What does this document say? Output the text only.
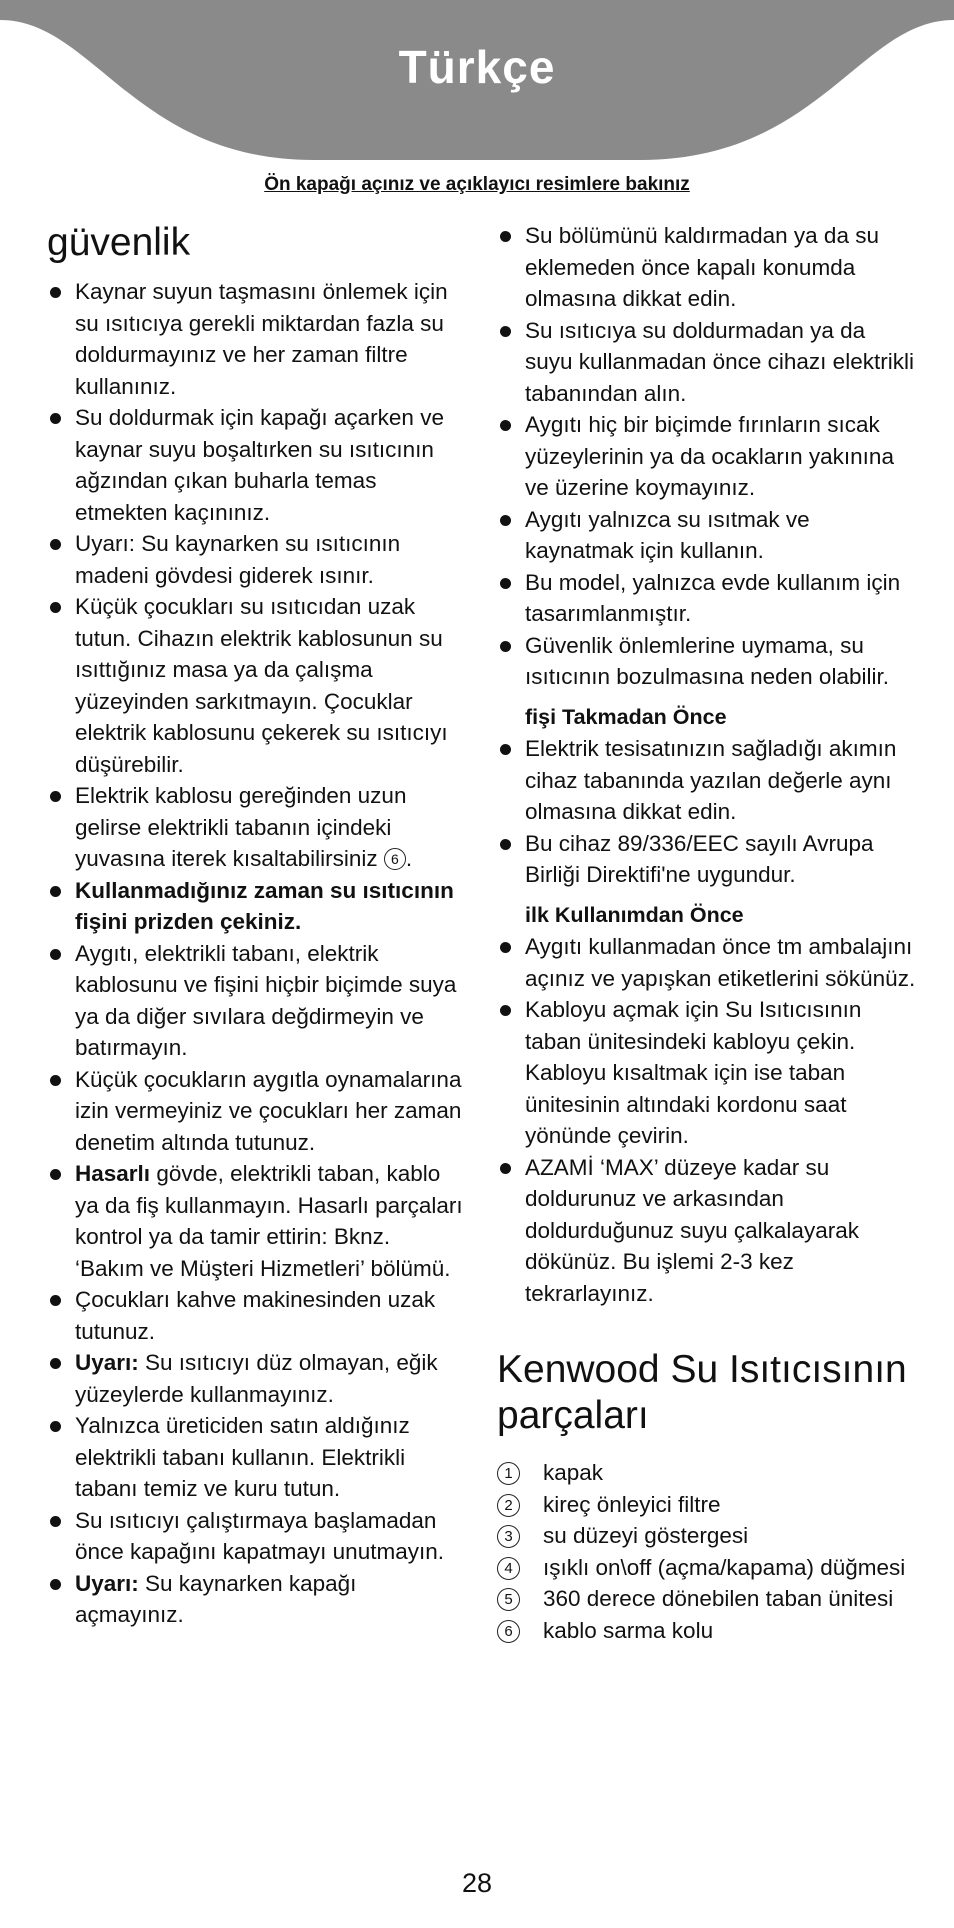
Türkçe
Ön kapağı açınız ve açıklayıcı resimlere bakınız
güvenlik
Kaynar suyun taşmasını önlemek için su ısıtıcıya gerekli miktardan fazla su doldurmayınız ve her zaman filtre kullanınız.
Su doldurmak için kapağı açarken ve kaynar suyu boşaltırken su ısıtıcının ağzından çıkan buharla temas etmekten kaçınınız.
Uyarı: Su kaynarken su ısıtıcının madeni gövdesi giderek ısınır.
Küçük çocukları su ısıtıcıdan uzak tutun. Cihazın elektrik kablosunun su ısıttığınız masa ya da çalışma yüzeyinden sarkıtmayın. Çocuklar elektrik kablosunu çekerek su ısıtıcıyı düşürebilir.
Elektrik kablosu gereğinden uzun gelirse elektrikli tabanın içindeki yuvasına iterek kısaltabilirsiniz 6 .
Kullanmadığınız zaman su ısıtıcının fişini prizden çekiniz.
Aygıtı, elektrikli tabanı, elektrik kablosunu ve fişini hiçbir biçimde suya ya da diğer sıvılara değdirmeyin ve batırmayın.
Küçük çocukların aygıtla oynamalarına izin vermeyiniz ve çocukları her zaman denetim altında tutunuz.
Hasarlı gövde, elektrikli taban, kablo ya da fiş kullanmayın. Hasarlı parçaları kontrol ya da tamir ettirin: Bknz. ‘Bakım ve Müşteri Hizmetleri’ bölümü.
Çocukları kahve makinesinden uzak tutunuz.
Uyarı: Su ısıtıcıyı düz olmayan, eğik yüzeylerde kullanmayınız.
Yalnızca üreticiden satın aldığınız elektrikli tabanı kullanın. Elektrikli tabanı temiz ve kuru tutun.
Su ısıtıcıyı çalıştırmaya başlamadan önce kapağını kapatmayı unutmayın.
Uyarı: Su kaynarken kapağı açmayınız.
Su bölümünü kaldırmadan ya da su eklemeden önce kapalı konumda olmasına dikkat edin.
Su ısıtıcıya su doldurmadan ya da suyu kullanmadan önce cihazı elektrikli tabanından alın.
Aygıtı hiç bir biçimde fırınların sıcak yüzeylerinin ya da ocakların yakınına ve üzerine koymayınız.
Aygıtı yalnızca su ısıtmak ve kaynatmak için kullanın.
Bu model, yalnızca evde kullanım için tasarımlanmıştır.
Güvenlik önlemlerine uymama, su ısıtıcının bozulmasına neden olabilir.
fişi Takmadan Önce
Elektrik tesisatınızın sağladığı akımın cihaz tabanında yazılan değerle aynı olmasına dikkat edin.
Bu cihaz 89/336/EEC sayılı Avrupa Birliği Direktifi'ne uygundur.
ilk Kullanımdan Önce
Aygıtı kullanmadan önce tm ambalajını açınız ve yapışkan etiketlerini sökünüz.
Kabloyu açmak için Su Isıtıcısının taban ünitesindeki kabloyu çekin. Kabloyu kısaltmak için ise taban ünitesinin altındaki kordonu saat yönünde çevirin.
AZAMİ ‘MAX’ düzeye kadar su doldurunuz ve arkasından doldurduğunuz suyu çalkalayarak dökünüz. Bu işlemi 2-3 kez tekrarlayınız.
Kenwood Su Isıtıcısının parçaları
1	kapak
2	kireç önleyici filtre
3	su düzeyi göstergesi
4	ışıklı on\off (açma/kapama) düğmesi
5	360 derece dönebilen taban ünitesi
6	kablo sarma kolu
28
